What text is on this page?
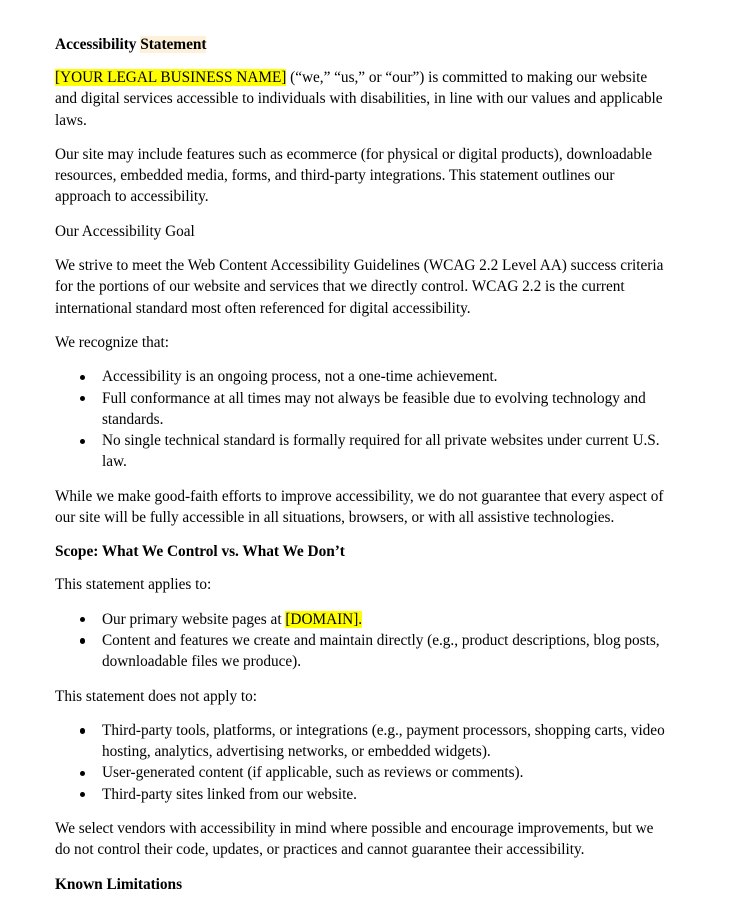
Accessibility Statement

[YOUR LEGAL BUSINESS NAME] (“we,” “us,” or “our”) is committed to making our website and digital services accessible to individuals with disabilities, in line with our values and applicable laws.

Our site may include features such as ecommerce (for physical or digital products), downloadable resources, embedded media, forms, and third-party integrations. This statement outlines our approach to accessibility.

Our Accessibility Goal

We strive to meet the Web Content Accessibility Guidelines (WCAG 2.2 Level AA) success criteria for the portions of our website and services that we directly control. WCAG 2.2 is the current international standard most often referenced for digital accessibility.

We recognize that:

Accessibility is an ongoing process, not a one-time achievement.
Full conformance at all times may not always be feasible due to evolving technology and standards.
No single technical standard is formally required for all private websites under current U.S. law.

While we make good-faith efforts to improve accessibility, we do not guarantee that every aspect of our site will be fully accessible in all situations, browsers, or with all assistive technologies.

Scope: What We Control vs. What We Don’t

This statement applies to:

Our primary website pages at [DOMAIN].
Content and features we create and maintain directly (e.g., product descriptions, blog posts, downloadable files we produce).

This statement does not apply to:

Third-party tools, platforms, or integrations (e.g., payment processors, shopping carts, video hosting, analytics, advertising networks, or embedded widgets).
User-generated content (if applicable, such as reviews or comments).
Third-party sites linked from our website.

We select vendors with accessibility in mind where possible and encourage improvements, but we do not control their code, updates, or practices and cannot guarantee their accessibility.

Known Limitations
